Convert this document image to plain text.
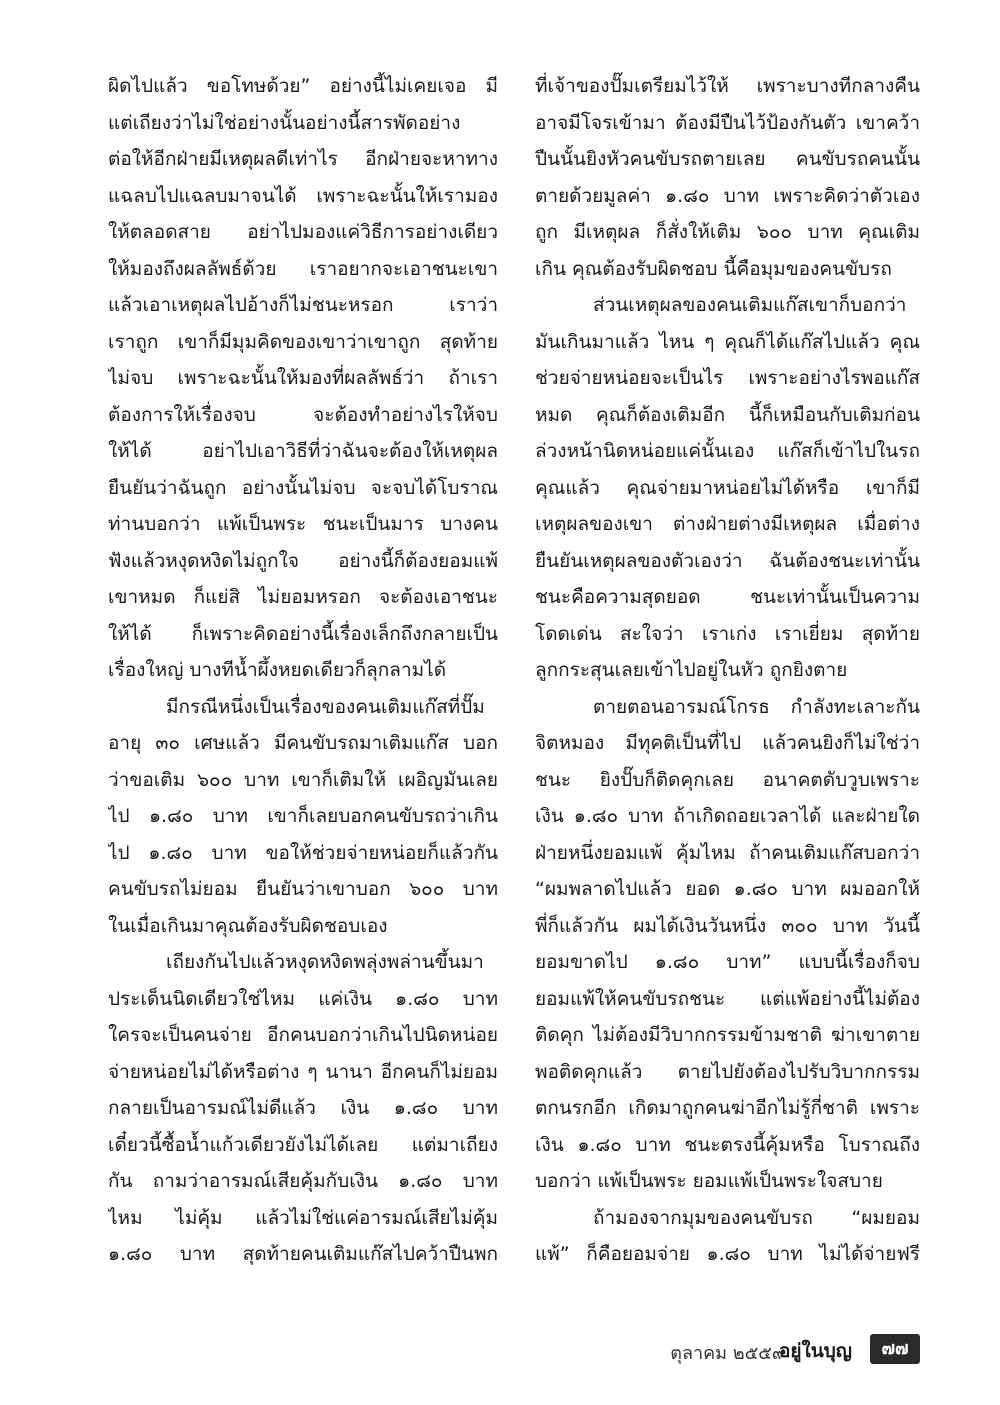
ผิดไปแล้ว ขอโทษด้วย” อย่างนี้ไม่เคยเจอ มี
แต่เถียงว่าไม่ใช่อย่างนั้นอย่างนี้สารพัดอย่าง
ต่อให้อีกฝ่ายมีเหตุผลดีเท่าไร อีกฝ่ายจะหาทาง
แฉลบไปแฉลบมาจนได้ เพราะฉะนั้นให้เรามอง
ให้ตลอดสาย อย่าไปมองแค่วิธีการอย่างเดียว
ให้มองถึงผลลัพธ์ด้วย เราอยากจะเอาชนะเขา
แล้วเอาเหตุผลไปอ้างก็ไม่ชนะหรอก เราว่า
เราถูก เขาก็มีมุมคิดของเขาว่าเขาถูก สุดท้าย
ไม่จบ เพราะฉะนั้นให้มองที่ผลลัพธ์ว่า ถ้าเรา
ต้องการให้เรื่องจบ จะต้องทำอย่างไรให้จบ
ให้ได้ อย่าไปเอาวิธีที่ว่าฉันจะต้องให้เหตุผล
ยืนยันว่าฉันถูก อย่างนั้นไม่จบ จะจบได้โบราณ
ท่านบอกว่า แพ้เป็นพระ ชนะเป็นมาร บางคน
ฟังแล้วหงุดหงิดไม่ถูกใจ อย่างนี้ก็ต้องยอมแพ้
เขาหมด ก็แย่สิ ไม่ยอมหรอก จะต้องเอาชนะ
ให้ได้ ก็เพราะคิดอย่างนี้เรื่องเล็กถึงกลายเป็น
เรื่องใหญ่ บางทีน้ำผึ้งหยดเดียวก็ลุกลามได้
มีกรณีหนึ่งเป็นเรื่องของคนเติมแก๊สที่ปั๊ม
อายุ ๓๐ เศษแล้ว มีคนขับรถมาเติมแก๊ส บอก
ว่าขอเติม ๖๐๐ บาท เขาก็เติมให้ เผอิญมันเลย
ไป ๑.๘๐ บาท เขาก็เลยบอกคนขับรถว่าเกิน
ไป ๑.๘๐ บาท ขอให้ช่วยจ่ายหน่อยก็แล้วกัน
คนขับรถไม่ยอม ยืนยันว่าเขาบอก ๖๐๐ บาท
ในเมื่อเกินมาคุณต้องรับผิดชอบเอง
เถียงกันไปแล้วหงุดหงิดพลุ่งพล่านขึ้นมา
ประเด็นนิดเดียวใช่ไหม แค่เงิน ๑.๘๐ บาท
ใครจะเป็นคนจ่าย อีกคนบอกว่าเกินไปนิดหน่อย
จ่ายหน่อยไม่ได้หรือต่าง ๆ นานา อีกคนก็ไม่ยอม
กลายเป็นอารมณ์ไม่ดีแล้ว เงิน ๑.๘๐ บาท
เดี๋ยวนี้ซื้อน้ำแก้วเดียวยังไม่ได้เลย แต่มาเถียง
กัน ถามว่าอารมณ์เสียคุ้มกับเงิน ๑.๘๐ บาท
ไหม ไม่คุ้ม แล้วไม่ใช่แค่อารมณ์เสียไม่คุ้ม
๑.๘๐ บาท สุดท้ายคนเติมแก๊สไปคว้าปืนพก
ที่เจ้าของปั๊มเตรียมไว้ให้ เพราะบางทีกลางคืน
อาจมีโจรเข้ามา ต้องมีปืนไว้ป้องกันตัว เขาคว้า
ปืนนั้นยิงหัวคนขับรถตายเลย คนขับรถคนนั้น
ตายด้วยมูลค่า ๑.๘๐ บาท เพราะคิดว่าตัวเอง
ถูก มีเหตุผล ก็สั่งให้เติม ๖๐๐ บาท คุณเติม
เกิน คุณต้องรับผิดชอบ นี้คือมุมของคนขับรถ
ส่วนเหตุผลของคนเติมแก๊สเขาก็บอกว่า
มันเกินมาแล้ว ไหน ๆ คุณก็ได้แก๊สไปแล้ว คุณ
ช่วยจ่ายหน่อยจะเป็นไร เพราะอย่างไรพอแก๊ส
หมด คุณก็ต้องเติมอีก นี้ก็เหมือนกับเติมก่อน
ล่วงหน้านิดหน่อยแค่นั้นเอง แก๊สก็เข้าไปในรถ
คุณแล้ว คุณจ่ายมาหน่อยไม่ได้หรือ เขาก็มี
เหตุผลของเขา ต่างฝ่ายต่างมีเหตุผล เมื่อต่าง
ยืนยันเหตุผลของตัวเองว่า ฉันต้องชนะเท่านั้น
ชนะคือความสุดยอด ชนะเท่านั้นเป็นความ
โดดเด่น สะใจว่า เราเก่ง เราเยี่ยม สุดท้าย
ลูกกระสุนเลยเข้าไปอยู่ในหัว ถูกยิงตาย
ตายตอนอารมณ์โกรธ กำลังทะเลาะกัน
จิตหมอง มีทุคติเป็นที่ไป แล้วคนยิงก็ไม่ใช่ว่า
ชนะ ยิงปั๊บก็ติดคุกเลย อนาคตดับวูบเพราะ
เงิน ๑.๘๐ บาท ถ้าเกิดถอยเวลาได้ และฝ่ายใด
ฝ่ายหนึ่งยอมแพ้ คุ้มไหม ถ้าคนเติมแก๊สบอกว่า
“ผมพลาดไปแล้ว ยอด ๑.๘๐ บาท ผมออกให้
พี่ก็แล้วกัน ผมได้เงินวันหนึ่ง ๓๐๐ บาท วันนี้
ยอมขาดไป ๑.๘๐ บาท” แบบนี้เรื่องก็จบ
ยอมแพ้ให้คนขับรถชนะ แต่แพ้อย่างนี้ไม่ต้อง
ติดคุก ไม่ต้องมีวิบากกรรมข้ามชาติ ฆ่าเขาตาย
พอติดคุกแล้ว ตายไปยังต้องไปรับวิบากกรรม
ตกนรกอีก เกิดมาถูกคนฆ่าอีกไม่รู้กี่ชาติ เพราะ
เงิน ๑.๘๐ บาท ชนะตรงนี้คุ้มหรือ โบราณถึง
บอกว่า แพ้เป็นพระ ยอมแพ้เป็นพระใจสบาย
ถ้ามองจากมุมของคนขับรถ “ผมยอม
แพ้” ก็คือยอมจ่าย ๑.๘๐ บาท ไม่ได้จ่ายฟรี
ตุลาคม ๒๕๕๙
อยู่ในบุญ	๗๗
